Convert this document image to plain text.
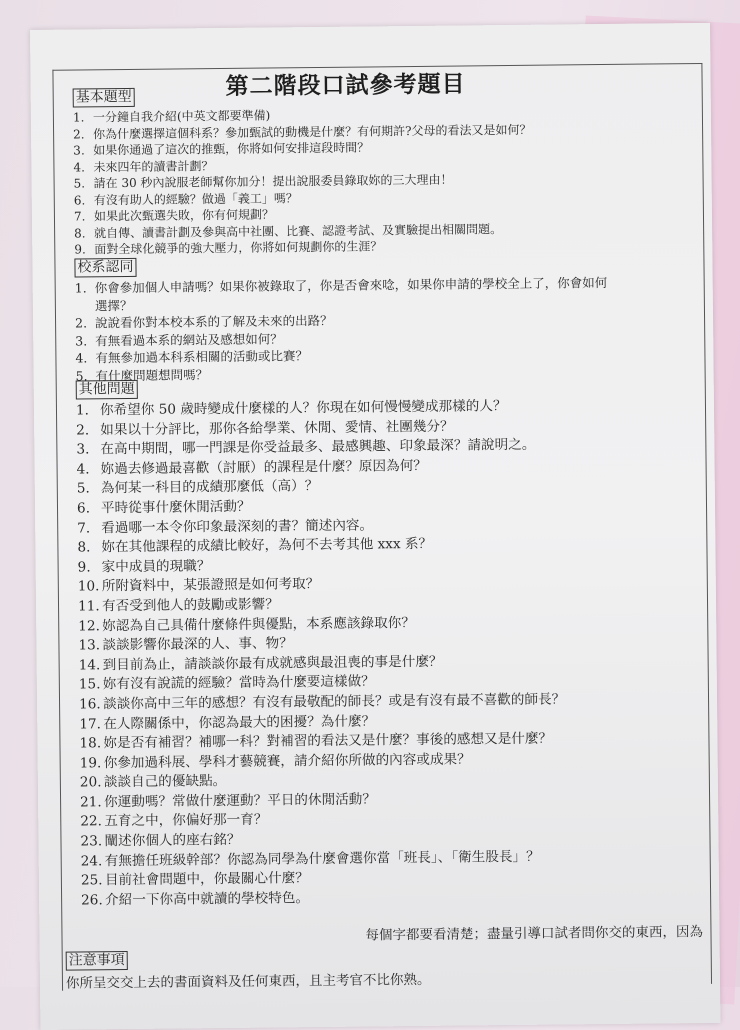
第二階段口試參考題目
基本題型
1. 一分鐘自我介紹(中英文都要準備)
2. 你為什麼選擇這個科系？參加甄試的動機是什麼？有何期許?父母的看法又是如何？
3. 如果你通過了這次的推甄，你將如何安排這段時間？
4. 未來四年的讀書計劃？
5. 請在 30 秒內說服老師幫你加分！提出說服委員錄取妳的三大理由！
6. 有沒有助人的經驗？做過「義工」嗎？
7. 如果此次甄選失敗，你有何規劃？
8. 就自傳、讀書計劃及參與高中社團、比賽、認證考試、及實驗提出相關問題。
9. 面對全球化競爭的強大壓力，你將如何規劃你的生涯？
校系認同
1. 你會參加個人申請嗎？如果你被錄取了，你是否會來唸，如果你申請的學校全上了，你會如何
選擇？
2. 說說看你對本校本系的了解及未來的出路？
3. 有無看過本系的網站及感想如何？
4. 有無參加過本科系相關的活動或比賽？
5. 有什麼問題想問嗎？
其他問題
1. 你希望你 50 歲時變成什麼樣的人？你現在如何慢慢變成那樣的人？
2. 如果以十分評比，那你各給學業、休閒、愛情、社團幾分？
3. 在高中期間，哪一門課是你受益最多、最感興趣、印象最深？請說明之。
4. 妳過去修過最喜歡（討厭）的課程是什麼？原因為何？
5. 為何某一科目的成績那麼低（高）？
6. 平時從事什麼休閒活動？
7. 看過哪一本令你印象最深刻的書？簡述內容。
8. 妳在其他課程的成績比較好，為何不去考其他 xxx 系？
9. 家中成員的現職？
10. 所附資料中，某張證照是如何考取？
11. 有否受到他人的鼓勵或影響？
12. 妳認為自己具備什麼條件與優點，本系應該錄取你？
13. 談談影響你最深的人、事、物？
14. 到目前為止，請談談你最有成就感與最沮喪的事是什麼？
15. 妳有沒有說謊的經驗？當時為什麼要這樣做？
16. 談談你高中三年的感想？有沒有最敬配的師長？或是有沒有最不喜歡的師長？
17. 在人際關係中，你認為最大的困擾？為什麼？
18. 妳是否有補習？補哪一科？對補習的看法又是什麼？事後的感想又是什麼？
19. 你參加過科展、學科才藝競賽，請介紹你所做的內容或成果？
20. 談談自己的優缺點。
21. 你運動嗎？常做什麼運動？平日的休閒活動？
22. 五育之中，你偏好那一育？
23. 闡述你個人的座右銘？
24. 有無擔任班級幹部？你認為同學為什麼會選你當「班長」、「衛生股長」？
25. 目前社會問題中，你最關心什麼？
26. 介紹一下你高中就讀的學校特色。
每個字都要看清楚；盡量引導口試者問你交的東西，因為
注意事項
你所呈交交上去的書面資料及任何東西，且主考官不比你熟。
